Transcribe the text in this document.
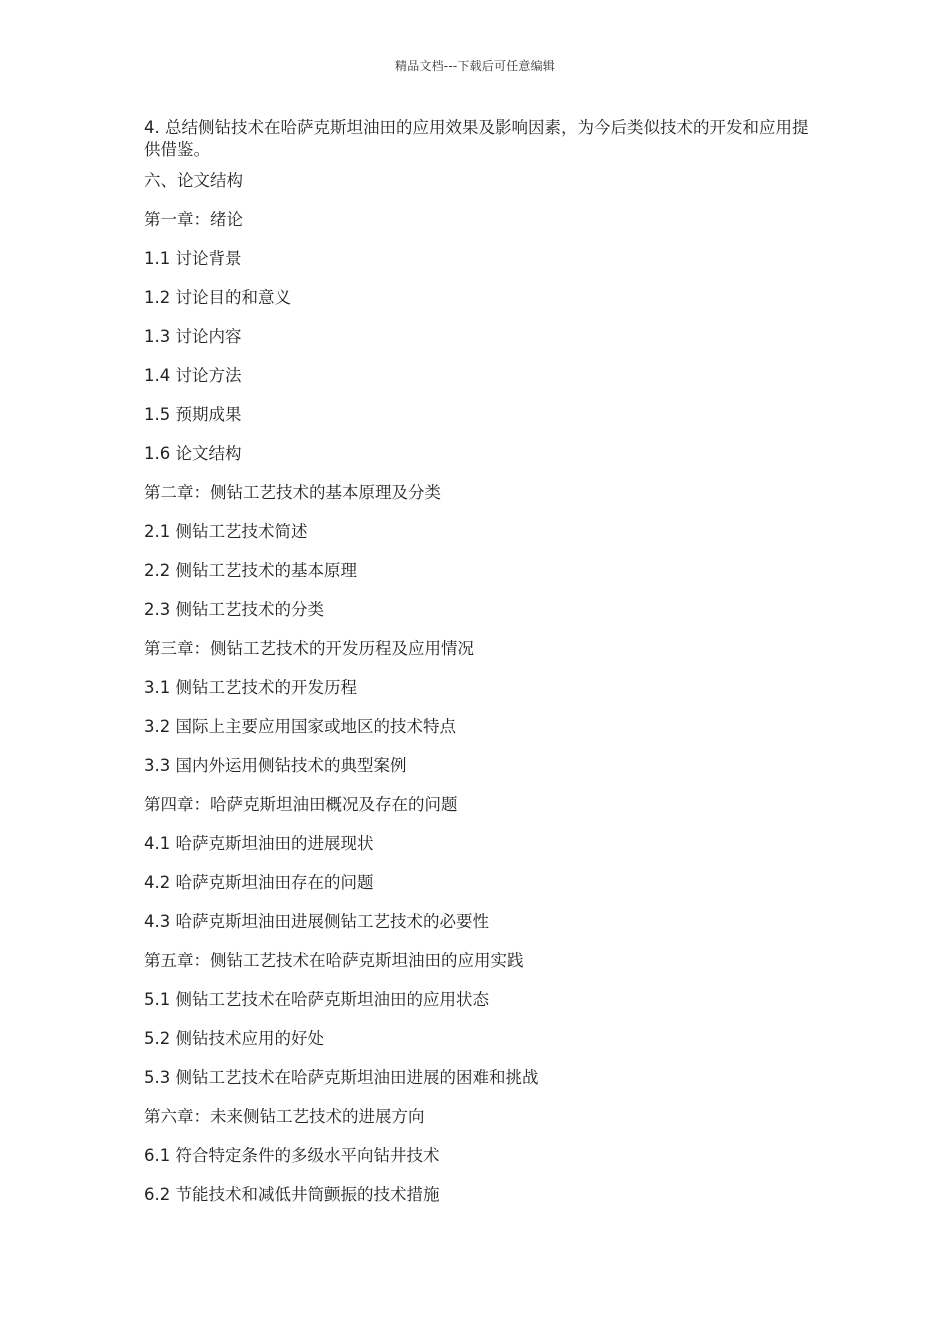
精品文档---下载后可任意编辑
4. 总结侧钻技术在哈萨克斯坦油田的应用效果及影响因素，为今后类似技术的开发和应用提供借鉴。
六、论文结构
第一章：绪论
1.1 讨论背景
1.2 讨论目的和意义
1.3 讨论内容
1.4 讨论方法
1.5 预期成果
1.6 论文结构
第二章：侧钻工艺技术的基本原理及分类
2.1 侧钻工艺技术简述
2.2 侧钻工艺技术的基本原理
2.3 侧钻工艺技术的分类
第三章：侧钻工艺技术的开发历程及应用情况
3.1 侧钻工艺技术的开发历程
3.2 国际上主要应用国家或地区的技术特点
3.3 国内外运用侧钻技术的典型案例
第四章：哈萨克斯坦油田概况及存在的问题
4.1 哈萨克斯坦油田的进展现状
4.2 哈萨克斯坦油田存在的问题
4.3 哈萨克斯坦油田进展侧钻工艺技术的必要性
第五章：侧钻工艺技术在哈萨克斯坦油田的应用实践
5.1 侧钻工艺技术在哈萨克斯坦油田的应用状态
5.2 侧钻技术应用的好处
5.3 侧钻工艺技术在哈萨克斯坦油田进展的困难和挑战
第六章：未来侧钻工艺技术的进展方向
6.1 符合特定条件的多级水平向钻井技术
6.2 节能技术和减低井筒颤振的技术措施
